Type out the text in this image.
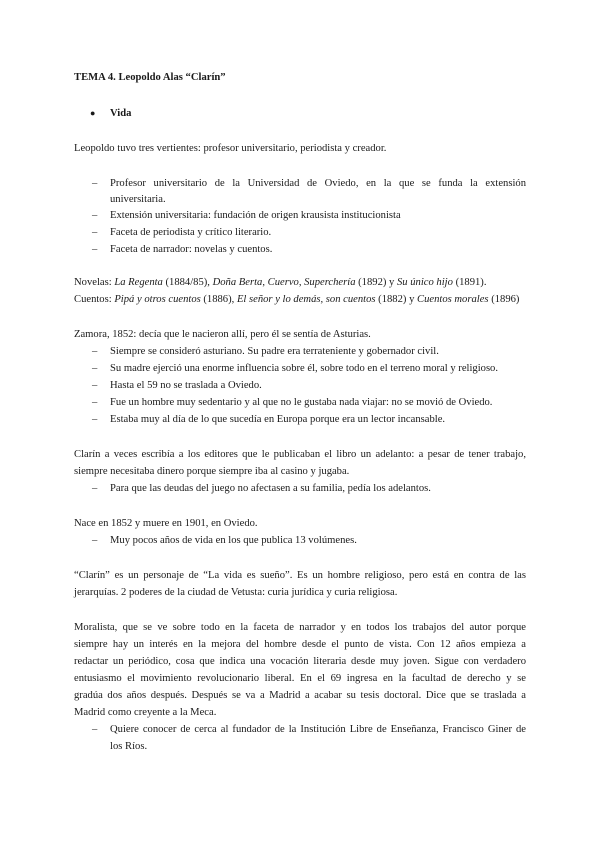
TEMA 4. Leopoldo Alas “Clarín”
● Vida
Leopoldo tuvo tres vertientes: profesor universitario, periodista y creador.
– Profesor universitario de la Universidad de Oviedo, en la que se funda la extensión
universitaria.
– Extensión universitaria: fundación de origen krausista institucionista
– Faceta de periodista y crítico literario.
– Faceta de narrador: novelas y cuentos.
Novelas: La Regenta (1884/85), Doña Berta, Cuervo, Superchería (1892) y Su único hijo (1891).
Cuentos: Pipá y otros cuentos (1886), El señor y lo demás, son cuentos (1882) y Cuentos morales (1896)
Zamora, 1852: decía que le nacieron allí, pero él se sentía de Asturias.
– Siempre se consideró asturiano. Su padre era terrateniente y gobernador civil.
– Su madre ejerció una enorme influencia sobre él, sobre todo en el terreno moral y religioso.
– Hasta el 59 no se traslada a Oviedo.
– Fue un hombre muy sedentario y al que no le gustaba nada viajar: no se movió de Oviedo.
– Estaba muy al día de lo que sucedía en Europa porque era un lector incansable.
Clarín a veces escribía a los editores que le publicaban el libro un adelanto: a pesar de tener trabajo,
siempre necesitaba dinero porque siempre iba al casino y jugaba.
– Para que las deudas del juego no afectasen a su familia, pedía los adelantos.
Nace en 1852 y muere en 1901, en Oviedo.
– Muy pocos años de vida en los que publica 13 volúmenes.
“Clarín” es un personaje de “La vida es sueño”. Es un hombre religioso, pero está en contra de las
jerarquías. 2 poderes de la ciudad de Vetusta: curia jurídica y curia religiosa.
Moralista, que se ve sobre todo en la faceta de narrador y en todos los trabajos del autor porque
siempre hay un interés en la mejora del hombre desde el punto de vista. Con 12 años empieza a
redactar un periódico, cosa que indica una vocación literaria desde muy joven. Sigue con verdadero
entusiasmo el movimiento revolucionario liberal. En el 69 ingresa en la facultad de derecho y se
gradúa dos años después. Después se va a Madrid a acabar su tesis doctoral. Dice que se traslada a
Madrid como creyente a la Meca.
– Quiere conocer de cerca al fundador de la Institución Libre de Enseñanza, Francisco Giner de
los Ríos.
